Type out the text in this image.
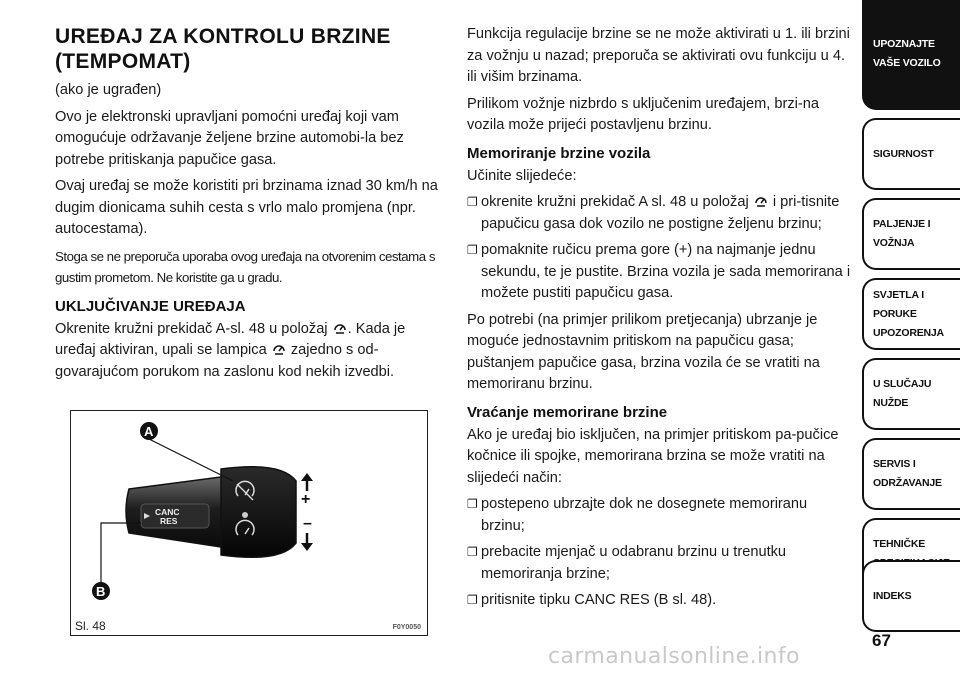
UREĐAJ ZA KONTROLU BRZINE
(TEMPOMAT)

(ako je ugrađen)

Ovo je elektronski upravljani pomoćni uređaj koji vam omogućuje održavanje željene brzine automobi-la bez potrebe pritiskanja papučice gasa.

Ovaj uređaj se može koristiti pri brzinama iznad 30 km/h na dugim dionicama suhih cesta s vrlo malo promjena (npr. autocestama).

Stoga se ne preporuča uporaba ovog uređaja na otvorenim cestama s gustim prometom. Ne koristite ga u gradu.

UKLJUČIVANJE UREĐAJA

Okrenite kružni prekidač A-sl. 48 u položaj . Kada je uređaj aktiviran, upali se lampica zajedno s od-govarajućom porukom na zaslonu kod nekih izvedbi.

CANC
RES
+
–
A
B
Sl. 48	F0Y0050

Funkcija regulacije brzine se ne može aktivirati u 1. ili brzini za vožnju u nazad; preporuča se aktivirati ovu funkciju u 4. ili višim brzinama.

Prilikom vožnje nizbrdo s uključenim uređajem, brzi-na vozila može prijeći postavljenu brzinu.

Memoriranje brzine vozila

Učinite slijedeće:

❐ okrenite kružni prekidač A sl. 48 u položaj i pri-tisnite papučicu gasa dok vozilo ne postigne željenu brzinu;
❐ pomaknite ručicu prema gore (+) na najmanje jednu sekundu, te je pustite. Brzina vozila je sada memorirana i možete pustiti papučicu gasa.

Po potrebi (na primjer prilikom pretjecanja) ubrzanje je moguće jednostavnim pritiskom na papučicu gasa; puštanjem papučice gasa, brzina vozila će se vratiti na memoriranu brzinu.

Vraćanje memorirane brzine

Ako je uređaj bio isključen, na primjer pritiskom pa-pučice kočnice ili spojke, memorirana brzina se može vratiti na slijedeći način:

❐ postepeno ubrzajte dok ne dosegnete memoriranu brzinu;
❐ prebacite mjenjač u odabranu brzinu u trenutku memoriranja brzine;
❐ pritisnite tipku CANC RES (B sl. 48).
UPOZNAJTE
VAŠE VOZILO
SIGURNOST
PALJENJE I
VOŽNJA
SVJETLA I PORUKE
UPOZORENJA
U SLUČAJU
NUŽDE
SERVIS I
ODRŽAVANJE
TEHNIČKE

INDEKS
67
carmanualsonline.info
